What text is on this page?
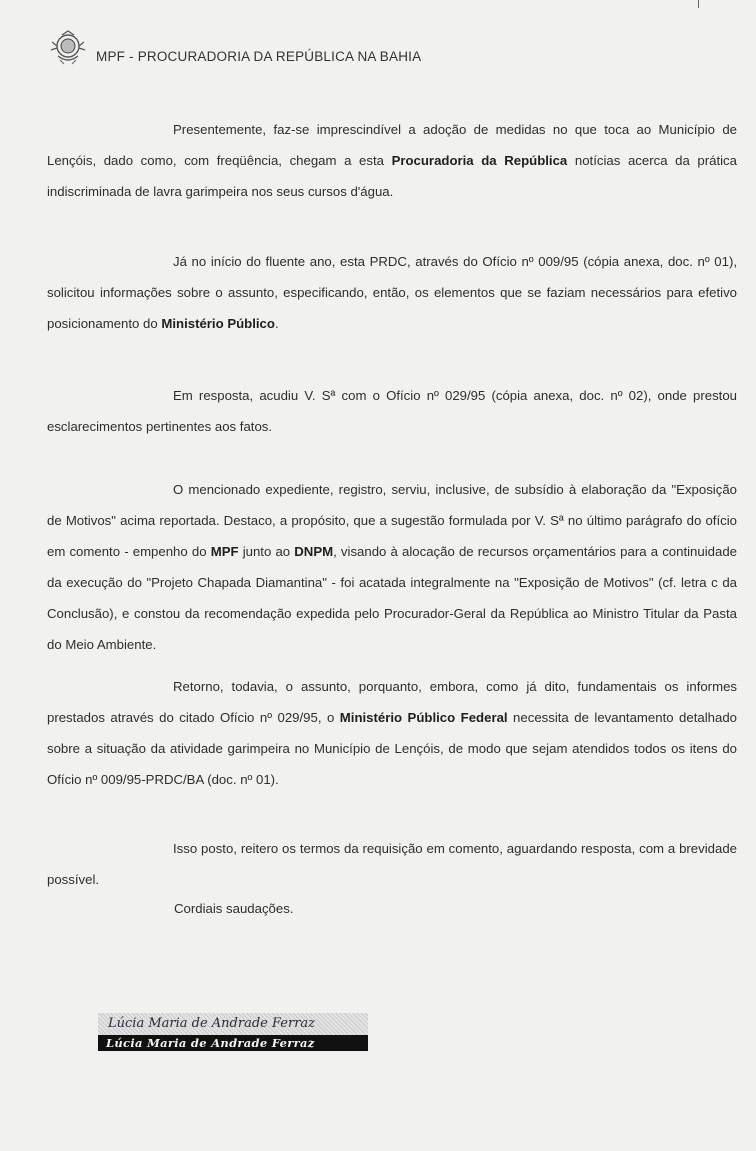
MPF - PROCURADORIA DA REPÚBLICA NA BAHIA
Presentemente, faz-se imprescindível a adoção de medidas no que toca ao Município de Lençóis, dado como, com freqüência, chegam a esta Procuradoria da República notícias acerca da prática indiscriminada de lavra garimpeira nos seus cursos d'água.
Já no início do fluente ano, esta PRDC, através do Ofício nº 009/95 (cópia anexa, doc. nº 01), solicitou informações sobre o assunto, especificando, então, os elementos que se faziam necessários para efetivo posicionamento do Ministério Público.
Em resposta, acudiu V. Sª com o Ofício nº 029/95 (cópia anexa, doc. nº 02), onde prestou esclarecimentos pertinentes aos fatos.
O mencionado expediente, registro, serviu, inclusive, de subsídio à elaboração da "Exposição de Motivos" acima reportada. Destaco, a propósito, que a sugestão formulada por V. Sª no último parágrafo do ofício em comento - empenho do MPF junto ao DNPM, visando à alocação de recursos orçamentários para a continuidade da execução do "Projeto Chapada Diamantina" - foi acatada integralmente na "Exposição de Motivos" (cf. letra c da Conclusão), e constou da recomendação expedida pelo Procurador-Geral da República ao Ministro Titular da Pasta do Meio Ambiente.
Retorno, todavia, o assunto, porquanto, embora, como já dito, fundamentais os informes prestados através do citado Ofício nº 029/95, o Ministério Público Federal necessita de levantamento detalhado sobre a situação da atividade garimpeira no Município de Lençóis, de modo que sejam atendidos todos os itens do Ofício nº 009/95-PRDC/BA (doc. nº 01).
Isso posto, reitero os termos da requisição em comento, aguardando resposta, com a brevidade possível.
Cordiais saudações.
Lúcia Maria de Andrade Ferraz
Lúcia Maria de Andrade Ferraz
